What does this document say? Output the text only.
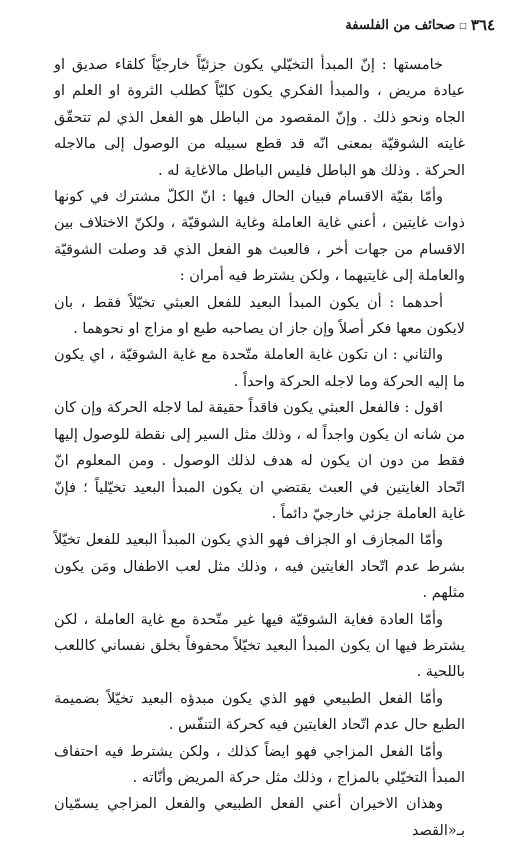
٣٦٤
□
صحائف من الفلسفة

خامستها : إنّ المبدأ التخيّلي يكون جزئيّاً خارجيّاً كلقاء صديق او عيادة مريض ، والمبدأ الفكري يكون كليّاً كطلب الثروة او العلم او الجاه ونحو ذلك . وإنّ المقصود من الباطل هو الفعل الذي لم تتحقّق غايته الشوقيّة بمعنى انّه قد قطع سبيله من الوصول إلى مالاجله الحركة . وذلك هو الباطل فليس الباطل مالاغاية له .

وأمّا بقيّة الاقسام فبيان الحال فيها : انّ الكلّ مشترك في كونها ذوات غايتين ، أعني غاية العاملة وغاية الشوقيّة ، ولكنّ الاختلاف بين الاقسام من جهات أخر ، فالعبث هو الفعل الذي قد وصلت الشوقيّة والعاملة إلى غايتيهما ، ولكن يشترط فيه أمران :

أحدهما : أن يكون المبدأ البعيد للفعل العبثي تخيّلاً فقط ، بان لايكون معها فكر أصلاً وإن جاز ان يصاحبه طبع او مزاج او نحوهما .

والثاني : ان تكون غاية العاملة متّحدة مع غاية الشوقيّة ، اي يكون ما إليه الحركة وما لاجله الحركة واحداً .

اقول : فالفعل العبثي يكون فاقداً حقيقة لما لاجله الحركة وإن كان من شانه ان يكون واجداً له ، وذلك مثل السير إلى نقطة للوصول إليها فقط من دون ان يكون له هدف لذلك الوصول . ومن المعلوم انّ اتّحاد الغايتين في العبث يقتضي ان يكون المبدأ البعيد تخيّلياً ؛ فإنّ غاية العاملة جزئي خارجيّ دائماً .

وأمّا المجازف او الجزاف فهو الذي يكون المبدأ البعيد للفعل تخيّلاً بشرط عدم اتّحاد الغايتين فيه ، وذلك مثل لعب الاطفال ومَن يكون مثلهم .

وأمّا العادة فغاية الشوقيّة فيها غير متّحدة مع غاية العاملة ، لكن يشترط فيها ان يكون المبدأ البعيد تخيّلاً محفوفاً بخلق نفساني كاللعب باللحية .

وأمّا الفعل الطبيعي فهو الذي يكون مبدؤه البعيد تخيّلاً بضميمة الطبع حال عدم اتّحاد الغايتين فيه كحركة التنفّس .

وأمّا الفعل المزاجي فهو ايضاً كذلك ، ولكن يشترط فيه احتفاف المبدأ التخيّلي بالمزاج ، وذلك مثل حركة المريض وأنّاته .

وهذان الاخيران أعني الفعل الطبيعي والفعل المزاجي يسمّيان بـ«القصد
